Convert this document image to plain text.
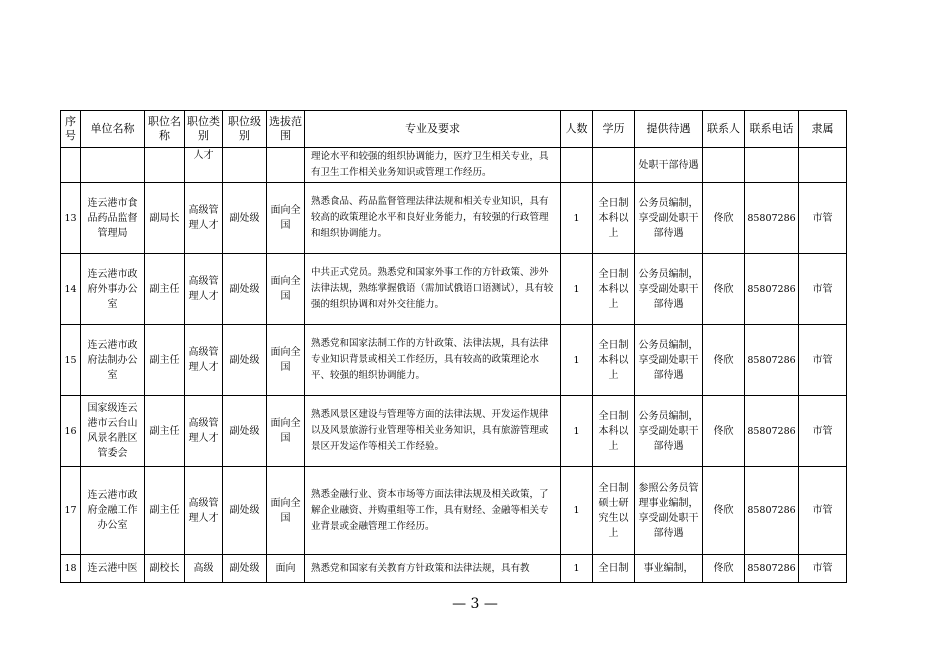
序号	单位名称	职位名称	职位类别	职位级别	选拔范围	专业及要求	人数	学历	提供待遇	联系人	联系电话	隶属
			人才			理论水平和较强的组织协调能力，医疗卫生相关专业，具有卫生工作相关业务知识或管理工作经历。			处职干部待遇			
13	连云港市食品药品监督管理局	副局长	高级管理人才	副处级	面向全国	熟悉食品、药品监督管理法律法规和相关专业知识，具有较高的政策理论水平和良好业务能力，有较强的行政管理和组织协调能力。	1	全日制本科以上	公务员编制，享受副处职干部待遇	佟欣	85807286	市管
14	连云港市政府外事办公室	副主任	高级管理人才	副处级	面向全国	中共正式党员。熟悉党和国家外事工作的方针政策、涉外法律法规，熟练掌握俄语（需加试俄语口语测试），具有较强的组织协调和对外交往能力。	1	全日制本科以上	公务员编制，享受副处职干部待遇	佟欣	85807286	市管
15	连云港市政府法制办公室	副主任	高级管理人才	副处级	面向全国	熟悉党和国家法制工作的方针政策、法律法规，具有法律专业知识背景或相关工作经历，具有较高的政策理论水平、较强的组织协调能力。	1	全日制本科以上	公务员编制，享受副处职干部待遇	佟欣	85807286	市管
16	国家级连云港市云台山风景名胜区管委会	副主任	高级管理人才	副处级	面向全国	熟悉风景区建设与管理等方面的法律法规、开发运作规律以及风景旅游行业管理等相关业务知识，具有旅游管理或景区开发运作等相关工作经验。	1	全日制本科以上	公务员编制，享受副处职干部待遇	佟欣	85807286	市管
17	连云港市政府金融工作办公室	副主任	高级管理人才	副处级	面向全国	熟悉金融行业、资本市场等方面法律法规及相关政策，了解企业融资、并购重组等工作，具有财经、金融等相关专业背景或金融管理工作经历。	1	全日制硕士研究生以上	参照公务员管理事业编制，享受副处职干部待遇	佟欣	85807286	市管
18	连云港中医	副校长	高级	副处级	面向	熟悉党和国家有关教育方针政策和法律法规，具有教	1	全日制	事业编制，	佟欣	85807286	市管
— 3 —
